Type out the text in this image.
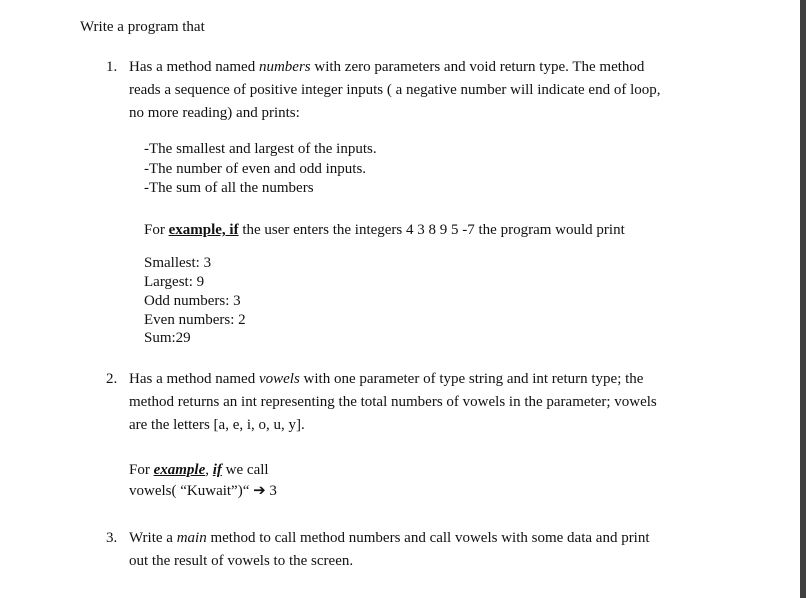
Write a program that
1. Has a method named numbers with zero parameters and void return type. The method
reads a sequence of positive integer inputs ( a negative number will indicate end of loop,
no more reading) and prints:
-The smallest and largest of the inputs.
-The number of even and odd inputs.
-The sum of all the numbers
For example, if the user enters the integers 4 3 8 9 5 -7 the program would print
Smallest: 3
Largest: 9
Odd numbers: 3
Even numbers: 2
Sum:29
2. Has a method named vowels with one parameter of type string and int return type; the
method returns an int representing the total numbers of vowels in the parameter; vowels
are the letters [a, e, i, o, u, y].
For example, if we call
vowels( “Kuwait”)“ ➔ 3
3. Write a main method to call method numbers and call vowels with some data and print
out the result of vowels to the screen.
